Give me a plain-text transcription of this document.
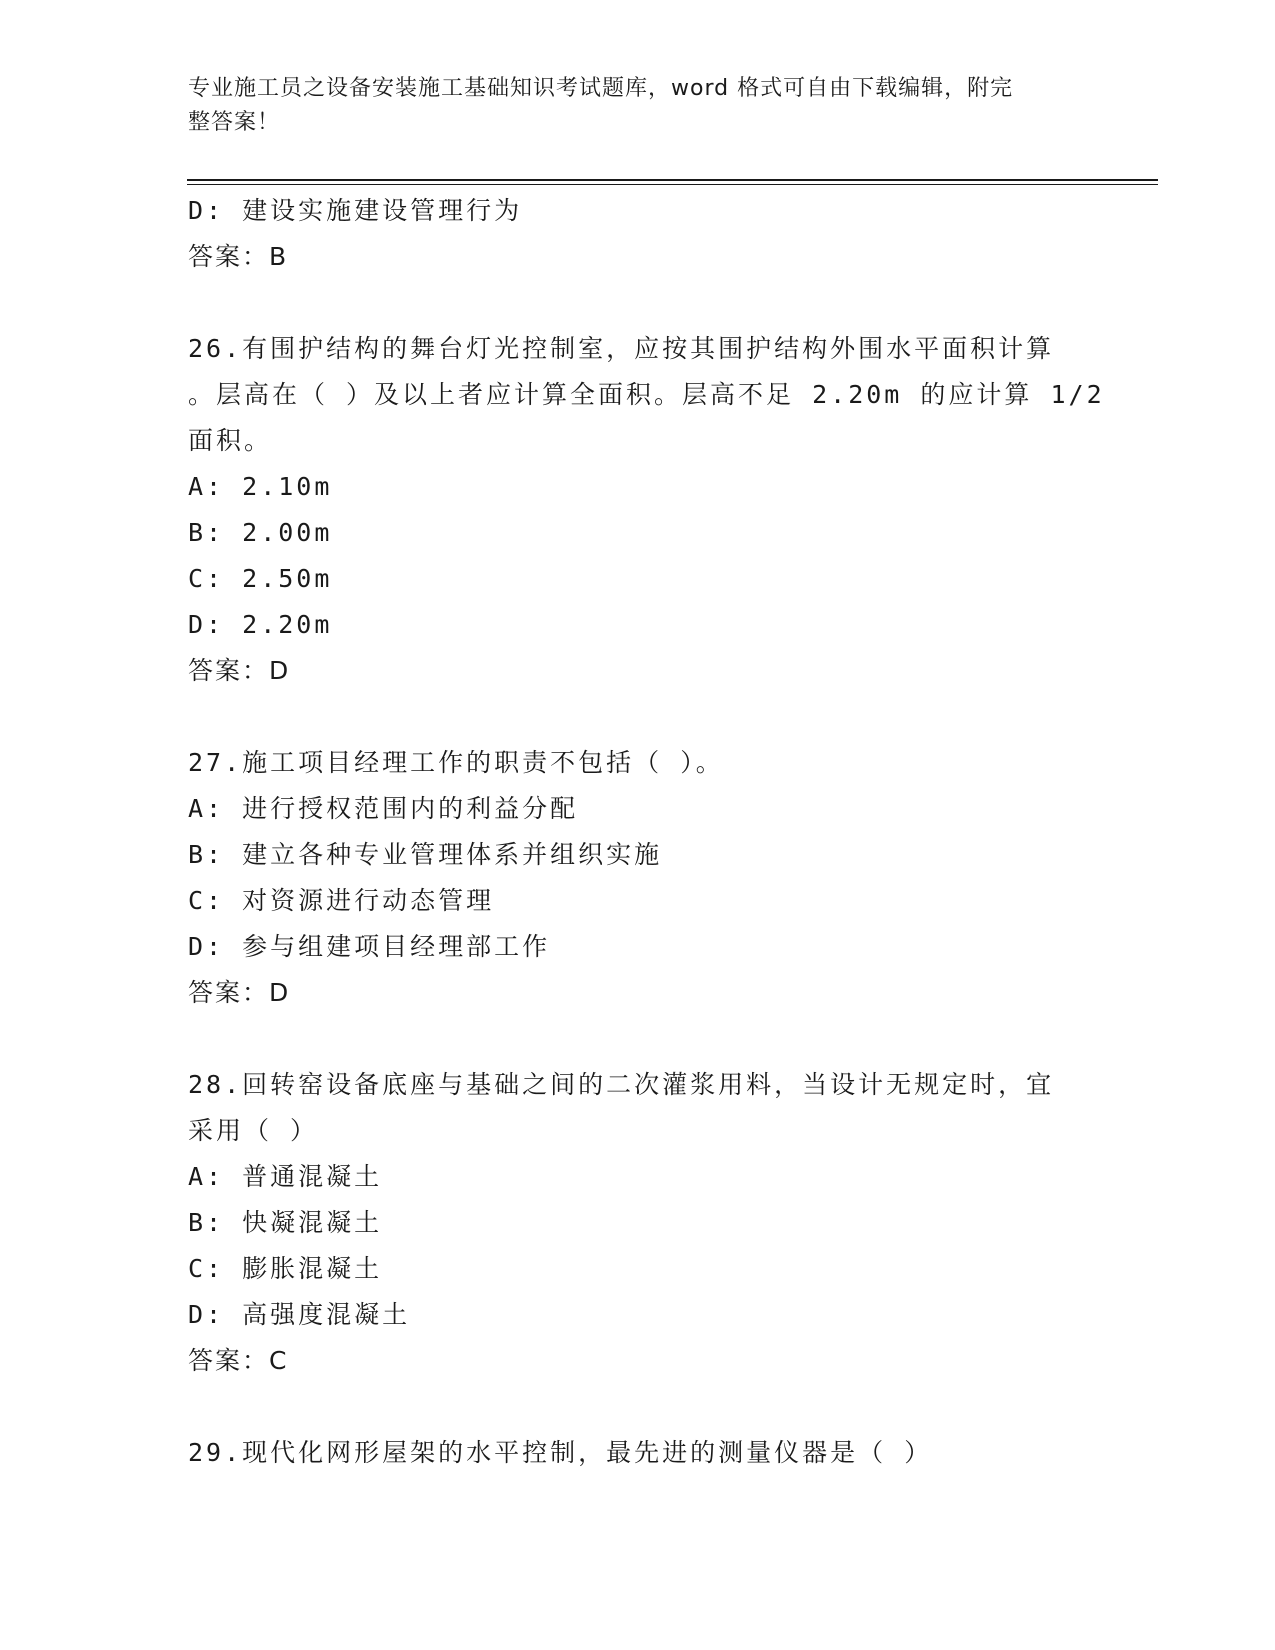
专业施工员之设备安装施工基础知识考试题库，word 格式可自由下载编辑，附完
整答案！
D: 建设实施建设管理行为
答案：B
26.有围护结构的舞台灯光控制室，应按其围护结构外围水平面积计算
。层高在（ ）及以上者应计算全面积。层高不足 2.20m 的应计算 1/2
面积。
A: 2.10m
B: 2.00m
C: 2.50m
D: 2.20m
答案：D
27.施工项目经理工作的职责不包括（ ）。
A: 进行授权范围内的利益分配
B: 建立各种专业管理体系并组织实施
C: 对资源进行动态管理
D: 参与组建项目经理部工作
答案：D
28.回转窑设备底座与基础之间的二次灌浆用料，当设计无规定时，宜
采用（ ）
A: 普通混凝土
B: 快凝混凝土
C: 膨胀混凝土
D: 高强度混凝土
答案：C
29.现代化网形屋架的水平控制，最先进的测量仪器是（ ）
